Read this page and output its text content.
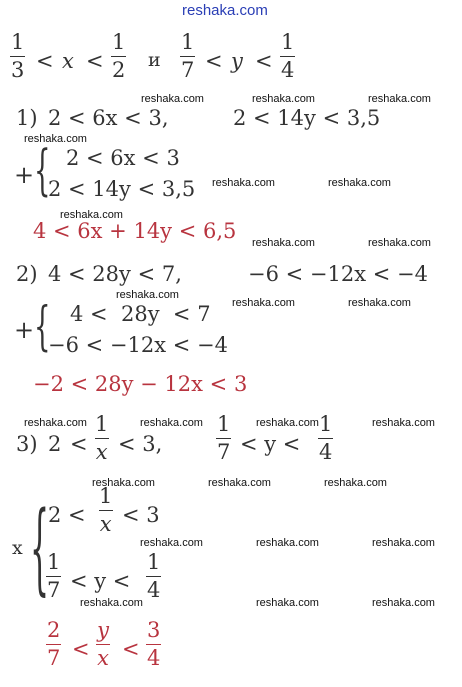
reshaka.com
$\frac{1}{3} < x < \frac{1}{2}$ и $\frac{1}{7} < y < \frac{1}{4}$
1) 2 < 6x < 3,	2 < 14y < 3,5
+ { 2 < 6x < 3
2 < 14y < 3,5
4 < 6x + 14y < 6,5
2) 4 < 28y < 7,	−6 < −12x < −4
+ { 4 <  28y  < 7
−6 < −12x < −4
−2 < 28y − 12x < 3
3) $2 < \frac{1}{x} < 3$,	$\frac{1}{7} < y < \frac{1}{4}$
x {
$2 < \frac{1}{x} < 3$
$\frac{1}{7} < y < \frac{1}{4}$
$\frac{2}{7} < \frac{y}{x} < \frac{3}{4}$
reshaka.com	reshaka.com	reshaka.com
reshaka.com
reshaka.com	reshaka.com
reshaka.com
reshaka.com	reshaka.com
reshaka.com
reshaka.com	reshaka.com
reshaka.com	reshaka.com	reshaka.com	reshaka.com
reshaka.com	reshaka.com	reshaka.com
reshaka.com	reshaka.com	reshaka.com
reshaka.com	reshaka.com	reshaka.com
